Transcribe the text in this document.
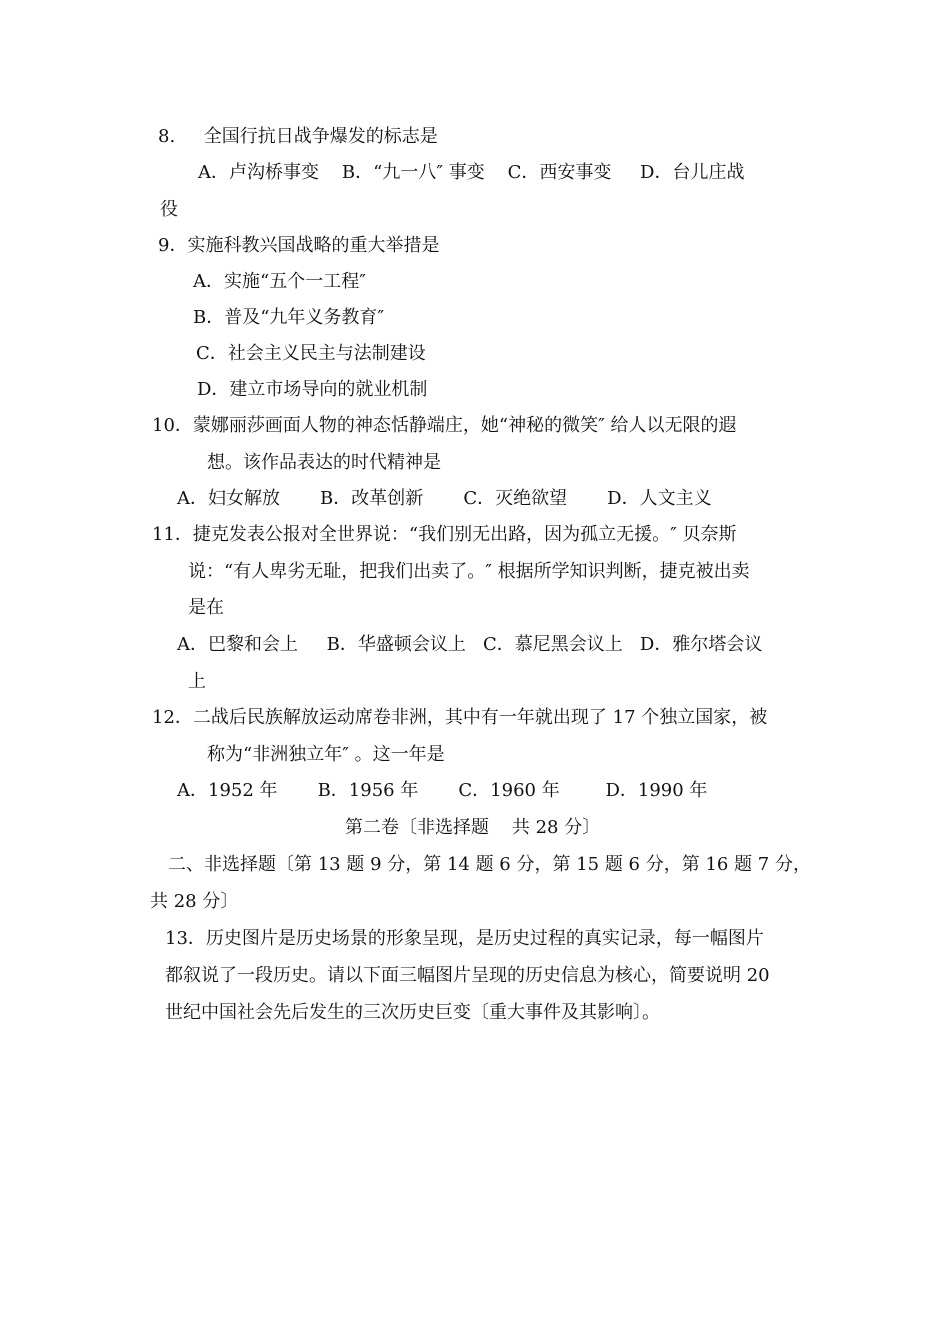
8.     全国行抗日战争爆发的标志是
A．卢沟桥事变    B．“九一八″ 事变    C．西安事变     D．台儿庄战
役
9．实施科教兴国战略的重大举措是
A．实施“五个一工程″
B．普及“九年义务教育″
C．社会主义民主与法制建设
D．建立市场导向的就业机制
10．蒙娜丽莎画面人物的神态恬静端庄，她“神秘的微笑″ 给人以无限的遐
想。该作品表达的时代精神是
A．妇女解放       B．改革创新       C．灭绝欲望       D．人文主义
11．捷克发表公报对全世界说：“我们别无出路，因为孤立无援。″ 贝奈斯
说：“有人卑劣无耻，把我们出卖了。″ 根据所学知识判断，捷克被出卖
是在
A．巴黎和会上     B．华盛顿会议上   C．慕尼黑会议上   D．雅尔塔会议
上
12．二战后民族解放运动席卷非洲，其中有一年就出现了 17 个独立国家，被
称为“非洲独立年″ 。这一年是
A．1952 年       B．1956 年       C．1960 年        D．1990 年
第二卷〔非选择题    共 28 分〕
二、非选择题〔第 13 题 9 分，第 14 题 6 分，第 15 题 6 分，第 16 题 7 分，
共 28 分〕
13．历史图片是历史场景的形象呈现，是历史过程的真实记录，每一幅图片
都叙说了一段历史。请以下面三幅图片呈现的历史信息为核心，简要说明 20
世纪中国社会先后发生的三次历史巨变〔重大事件及其影响〕。
